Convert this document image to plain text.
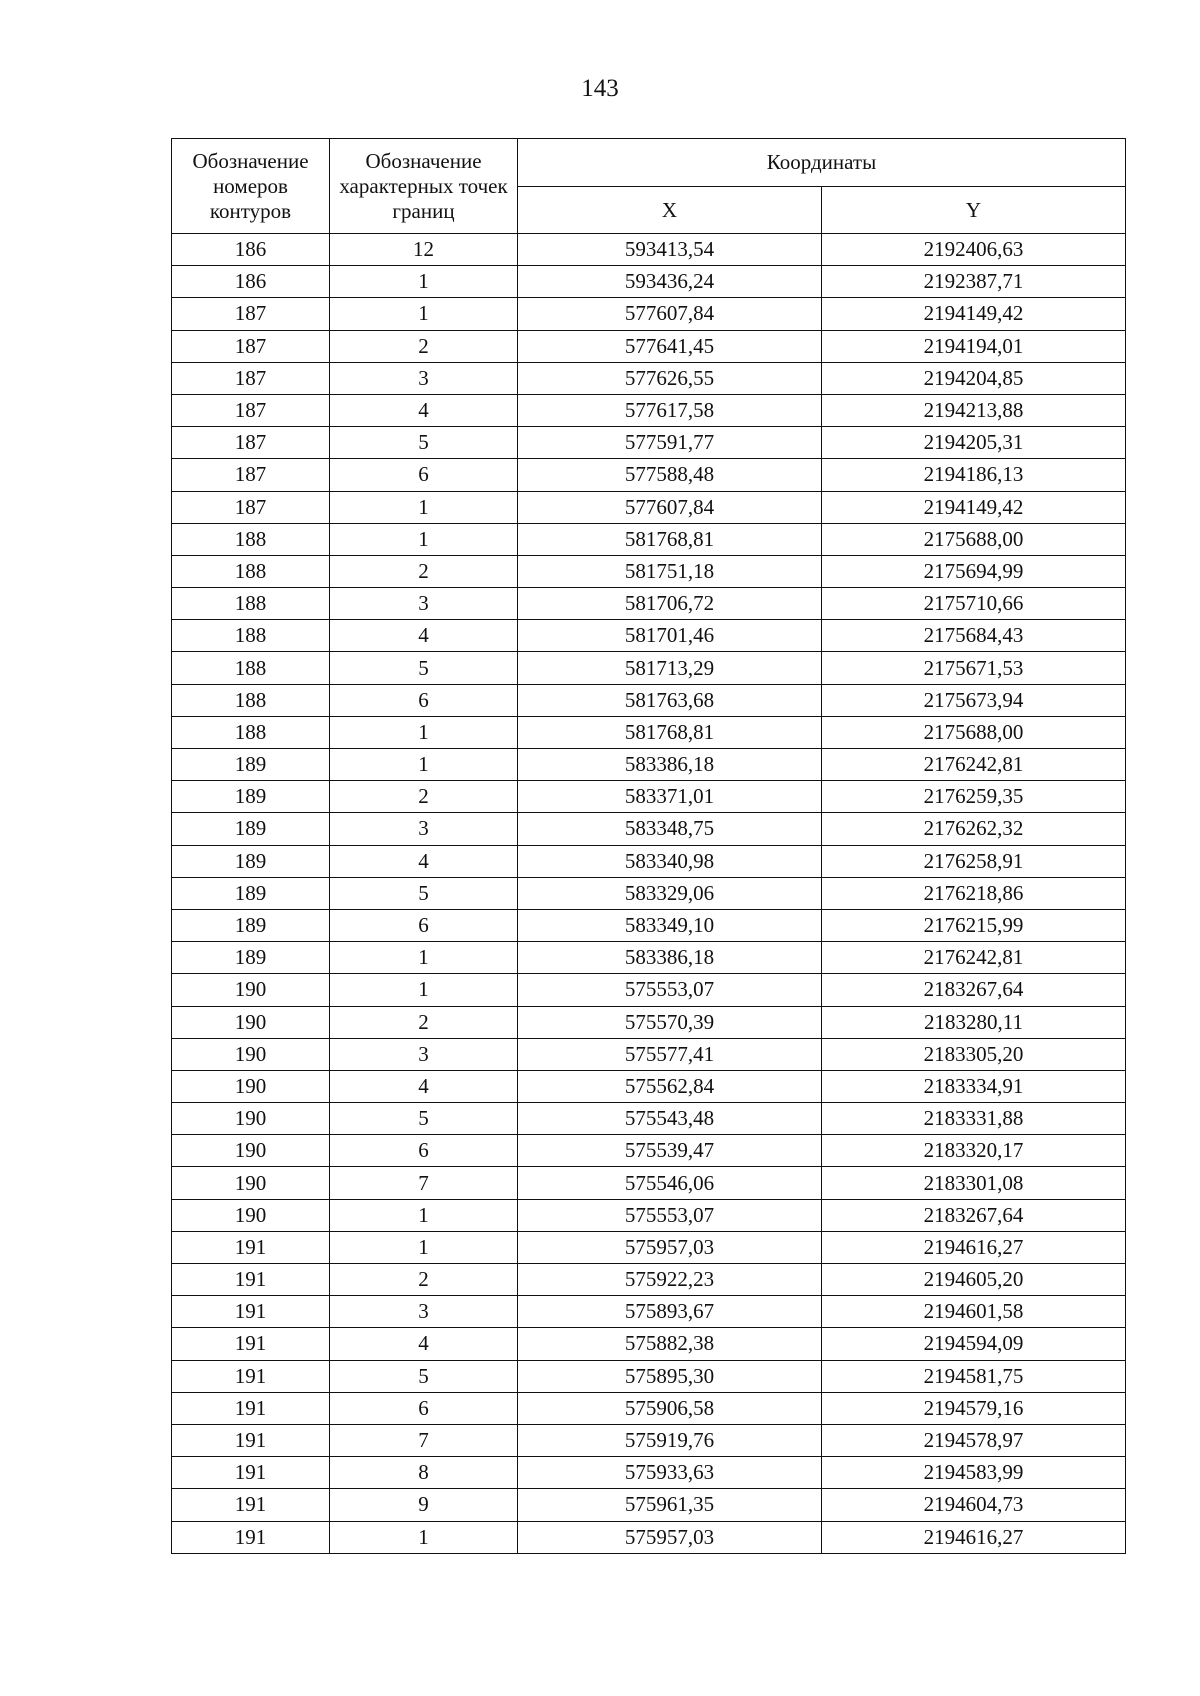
143
Обозначение номеров контуров	Обозначение характерных точек границ	Координаты	
		X	Y
186	12	593413,54	2192406,63
186	1	593436,24	2192387,71
187	1	577607,84	2194149,42
187	2	577641,45	2194194,01
187	3	577626,55	2194204,85
187	4	577617,58	2194213,88
187	5	577591,77	2194205,31
187	6	577588,48	2194186,13
187	1	577607,84	2194149,42
188	1	581768,81	2175688,00
188	2	581751,18	2175694,99
188	3	581706,72	2175710,66
188	4	581701,46	2175684,43
188	5	581713,29	2175671,53
188	6	581763,68	2175673,94
188	1	581768,81	2175688,00
189	1	583386,18	2176242,81
189	2	583371,01	2176259,35
189	3	583348,75	2176262,32
189	4	583340,98	2176258,91
189	5	583329,06	2176218,86
189	6	583349,10	2176215,99
189	1	583386,18	2176242,81
190	1	575553,07	2183267,64
190	2	575570,39	2183280,11
190	3	575577,41	2183305,20
190	4	575562,84	2183334,91
190	5	575543,48	2183331,88
190	6	575539,47	2183320,17
190	7	575546,06	2183301,08
190	1	575553,07	2183267,64
191	1	575957,03	2194616,27
191	2	575922,23	2194605,20
191	3	575893,67	2194601,58
191	4	575882,38	2194594,09
191	5	575895,30	2194581,75
191	6	575906,58	2194579,16
191	7	575919,76	2194578,97
191	8	575933,63	2194583,99
191	9	575961,35	2194604,73
191	1	575957,03	2194616,27
